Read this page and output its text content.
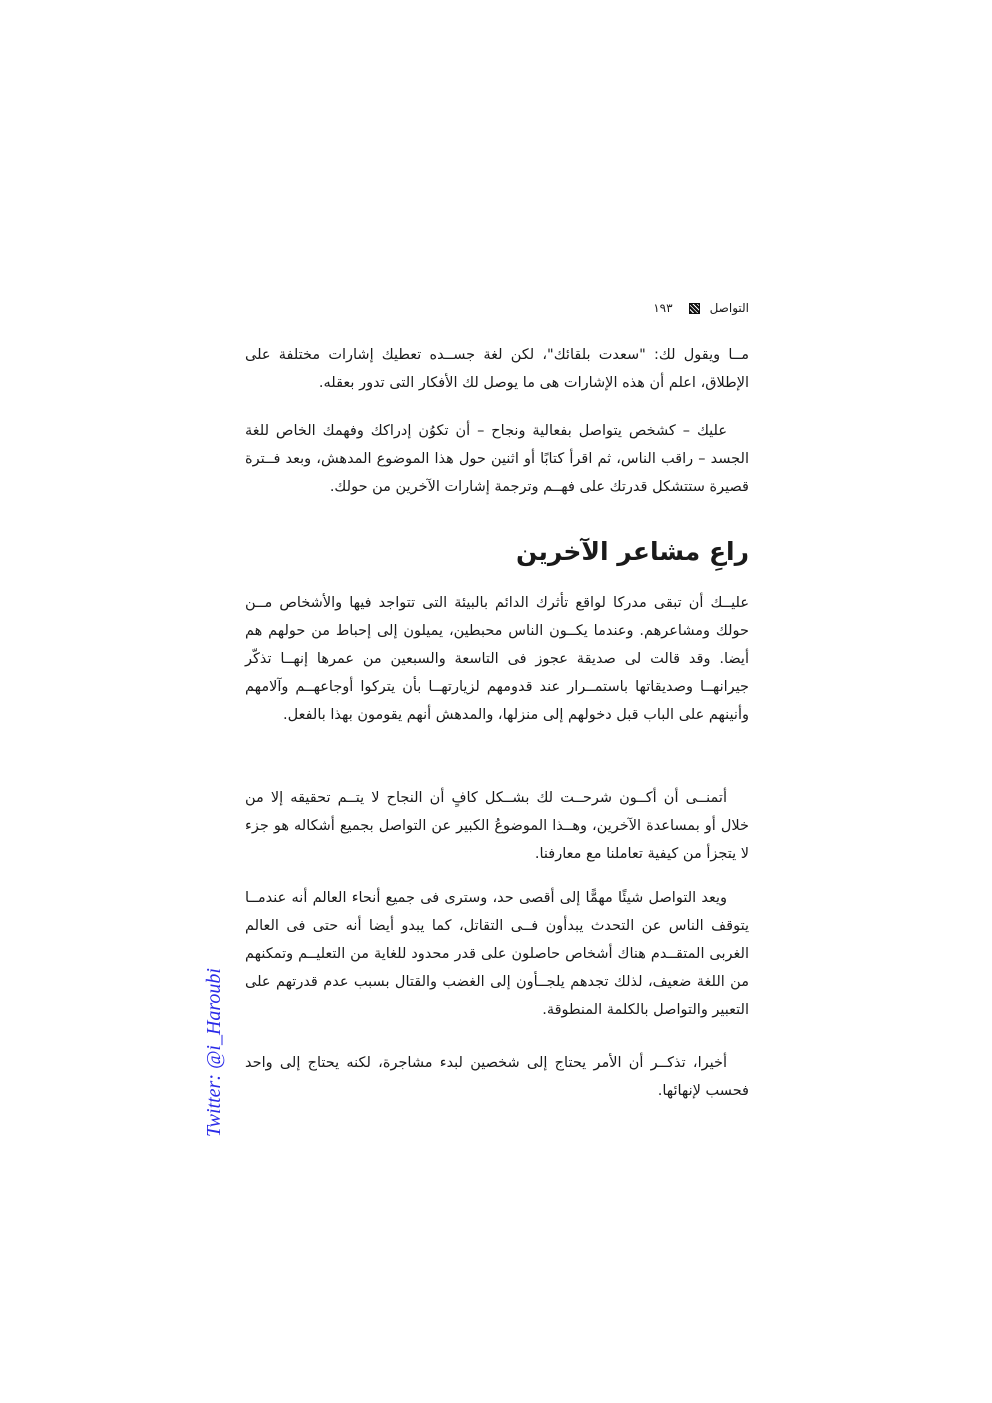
التواصل
١٩٣

مــا ويقول لك: "سعدت بلقائك"، لكن لغة جســده تعطيك إشارات مختلفة على الإطلاق، اعلم أن هذه الإشارات هى ما يوصل لك الأفكار التى تدور بعقله.

عليك – كشخص يتواصل بفعالية ونجاح – أن تكوُن إدراكك وفهمك الخاص للغة الجسد – راقب الناس، ثم اقرأ كتابًا أو اثنين حول هذا الموضوع المدهش، وبعد فــترة قصيرة ستتشكل قدرتك على فهــم وترجمة إشارات الآخرين من حولك.

راعِ مشاعر الآخرين

عليــك أن تبقى مدركا لواقع تأثرك الدائم بالبيئة التى تتواجد فيها والأشخاص مــن حولك ومشاعرهم. وعندما يكــون الناس محبطين، يميلون إلى إحباط من حولهم هم أيضا. وقد قالت لى صديقة عجوز فى التاسعة والسبعين من عمرها إنهــا تذكّر جيرانهــا وصديقاتها باستمــرار عند قدومهم لزيارتهــا بأن يتركوا أوجاعهــم وآلامهم وأنينهم على الباب قبل دخولهم إلى منزلها، والمدهش أنهم يقومون بهذا بالفعل.

أتمنــى أن أكــون شرحــت لك بشــكل كافٍ أن النجاح لا يتــم تحقيقه إلا من خلال أو بمساعدة الآخرين، وهــذا الموضوعُ الكبير عن التواصل بجميع أشكاله هو جزء لا يتجزأ من كيفية تعاملنا مع معارفنا.

ويعد التواصل شيئًا مهمًّا إلى أقصى حد، وسترى فى جميع أنحاء العالم أنه عندمــا يتوقف الناس عن التحدث يبدأون فــى التقاتل، كما يبدو أيضا أنه حتى فى العالم الغربى المتقــدم هناك أشخاص حاصلون على قدر محدود للغاية من التعليــم وتمكنهم من اللغة ضعيف، لذلك تجدهم يلجــأون إلى الغضب والقتال بسبب عدم قدرتهم على التعبير والتواصل بالكلمة المنطوقة.

أخيرا، تذكــر أن الأمر يحتاج إلى شخصين لبدء مشاجرة، لكنه يحتاج إلى واحد فحسب لإنهائها.

Twitter: @i_Haroubi
